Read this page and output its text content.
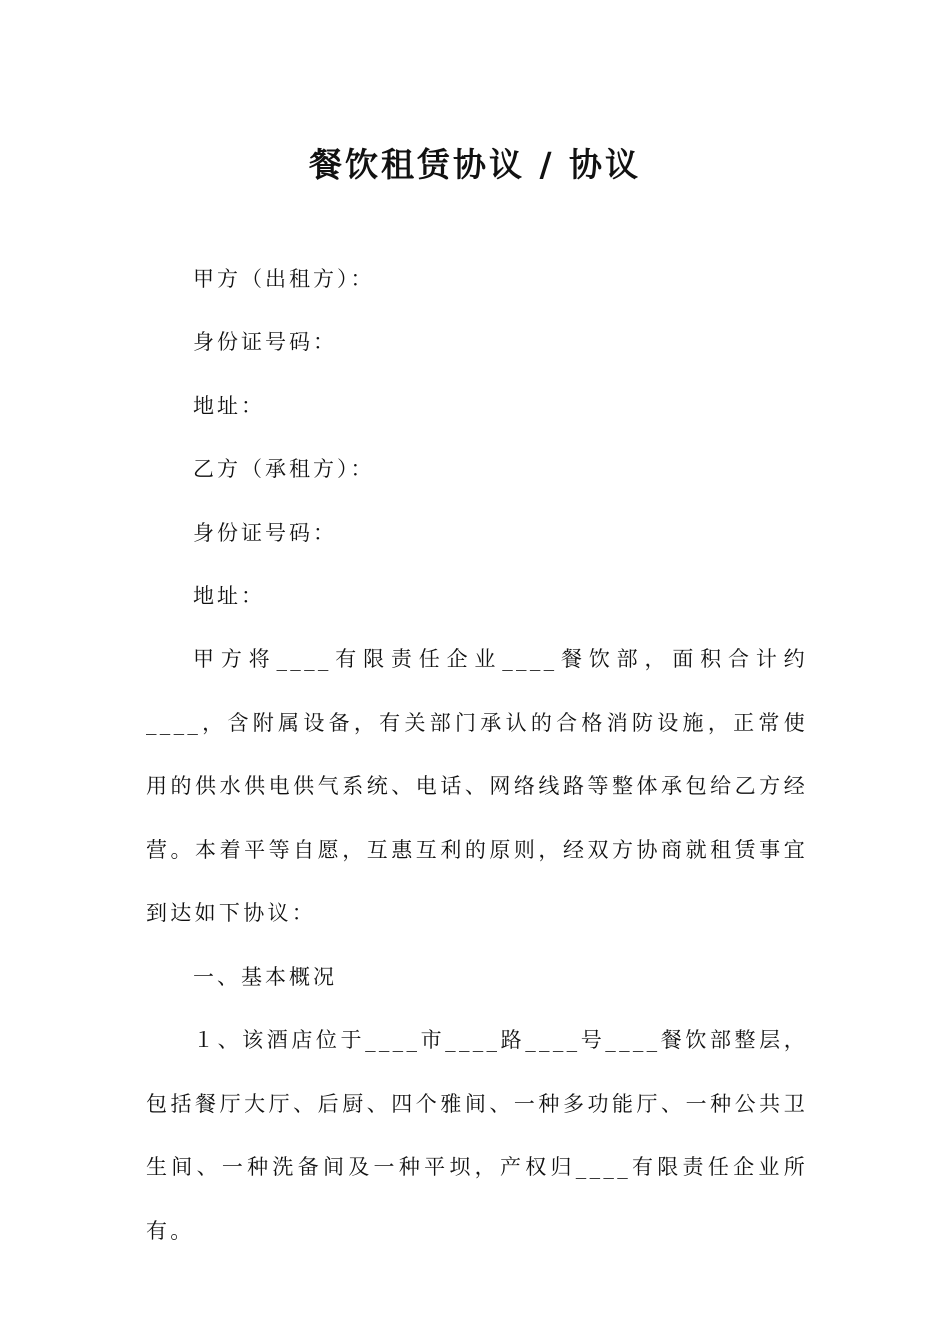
餐饮租赁协议 / 协议
甲方（出租方）：
身份证号码：
地址：
乙方（承租方）：
身份证号码：
地址：
甲方将____有限责任企业____餐饮部，面积合计约____，含附属设备，有关部门承认的合格消防设施，正常使用的供水供电供气系统、电话、网络线路等整体承包给乙方经营。本着平等自愿，互惠互利的原则，经双方协商就租赁事宜到达如下协议：
一、基本概况
１、该酒店位于____市____路____号____餐饮部整层，包括餐厅大厅、后厨、四个雅间、一种多功能厅、一种公共卫生间、一种洗备间及一种平坝，产权归____有限责任企业所有。
